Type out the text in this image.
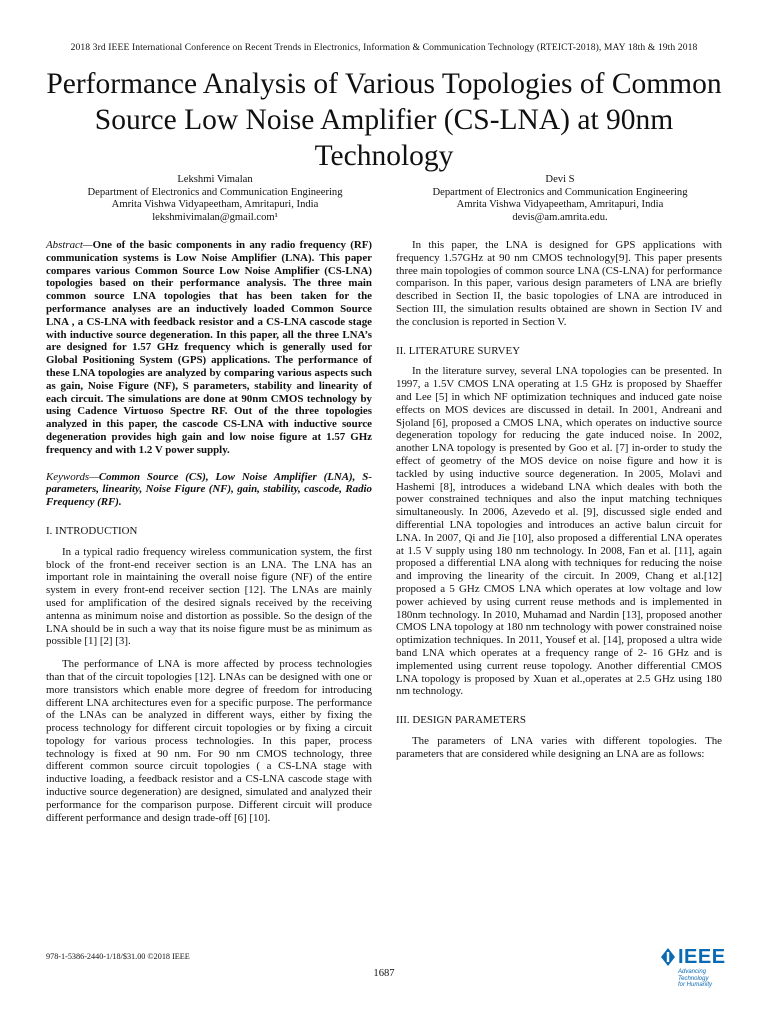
2018 3rd IEEE International Conference on Recent Trends in Electronics, Information & Communication Technology (RTEICT-2018), MAY 18th & 19th 2018
Performance Analysis of Various Topologies of Common Source Low Noise Amplifier (CS-LNA) at 90nm Technology
Lekshmi Vimalan
Department of Electronics and Communication Engineering
Amrita Vishwa Vidyapeetham, Amritapuri, India
lekshmivimalan@gmail.com¹
Devi S
Department of Electronics and Communication Engineering
Amrita Vishwa Vidyapeetham, Amritapuri, India
devis@am.amrita.edu.

Abstract—One of the basic components in any radio frequency (RF) communication systems is Low Noise Amplifier (LNA). This paper compares various Common Source Low Noise Amplifier (CS-LNA) topologies based on their performance analysis. The three main common source LNA topologies that has been taken for the performance analyses are an inductively loaded Common Source LNA , a CS-LNA with feedback resistor and a CS-LNA cascode stage with inductive source degeneration. In this paper, all the three LNA’s are designed for 1.57 GHz frequency which is generally used for Global Positioning System (GPS) applications. The performance of these LNA topologies are analyzed by comparing various aspects such as gain, Noise Figure (NF), S parameters, stability and linearity of each circuit. The simulations are done at 90nm CMOS technology by using Cadence Virtuoso Spectre RF. Out of the three topologies analyzed in this paper, the cascode CS-LNA with inductive source degeneration provides high gain and low noise figure at 1.57 GHz frequency and with 1.2 V power supply.

Keywords—Common Source (CS), Low Noise Amplifier (LNA), S- parameters, linearity, Noise Figure (NF), gain, stability, cascode, Radio Frequency (RF).

I. INTRODUCTION

In a typical radio frequency wireless communication system, the first block of the front-end receiver section is an LNA. The LNA has an important role in maintaining the overall noise figure (NF) of the entire system in every front-end receiver section [12]. The LNAs are mainly used for amplification of the desired signals received by the receiving antenna as minimum noise and distortion as possible. So the design of the LNA should be in such a way that its noise figure must be as minimum as possible [1] [2] [3].

The performance of LNA is more affected by process technologies than that of the circuit topologies [12]. LNAs can be designed with one or more transistors which enable more degree of freedom for introducing different LNA architectures even for a specific purpose. The performance of the LNAs can be analyzed in different ways, either by fixing the process technology for different circuit topologies or by fixing a circuit topology for various process technologies. In this paper, process technology is fixed at 90 nm. For 90 nm CMOS technology, three different common source circuit topologies ( a CS-LNA stage with inductive loading, a feedback resistor and a CS-LNA cascode stage with inductive source degeneration) are designed, simulated and analyzed their performance for the comparison purpose. Different circuit will produce different performance and design trade-off [6] [10].

In this paper, the LNA is designed for GPS applications with frequency 1.57GHz at 90 nm CMOS technology[9]. This paper presents three main topologies of common source LNA (CS-LNA) for performance comparison. In this paper, various design parameters of LNA are briefly described in Section II, the basic topologies of LNA are introduced in Section III, the simulation results obtained are shown in Section IV and the conclusion is reported in Section V.

II. LITERATURE SURVEY

In the literature survey, several LNA topologies can be presented. In 1997, a 1.5V CMOS LNA operating at 1.5 GHz is proposed by Shaeffer and Lee [5] in which NF optimization techniques and induced gate noise effects on MOS devices are discussed in detail. In 2001, Andreani and Sjoland [6], proposed a CMOS LNA, which operates on inductive source degeneration topology for reducing the gate induced noise. In 2002, another LNA topology is presented by Goo et al. [7] in-order to study the effect of geometry of the MOS device on noise figure and how it is tackled by using inductive source degeneration. In 2005, Molavi and Hashemi [8], introduces a wideband LNA which deales with both the power constrained techniques and also the input matching techniques simultaneously. In 2006, Azevedo et al. [9], discussed sigle ended and differential LNA topologies and introduces an active balun circuit for LNA. In 2007, Qi and Jie [10], also proposed a differential LNA operates at 1.5 V supply using 180 nm technology. In 2008, Fan et al. [11], again proposed a differential LNA along with techniques for reducing the noise and improving the linearity of the circuit. In 2009, Chang et al.[12] proposed a 5 GHz CMOS LNA which operates at low voltage and low power achieved by using current reuse methods and is implemented in 180nm technology. In 2010, Muhamad and Nardin [13], proposed another CMOS LNA topology at 180 nm technology with power constrained noise optimization techniques. In 2011, Yousef et al. [14], proposed a ultra wide band LNA which operates at a frequency range of 2- 16 GHz and is implemented using current reuse topology. Another differential CMOS LNA topology is proposed by Xuan et al.,operates at 2.5 GHz using 180 nm technology.

III. DESIGN PARAMETERS

The parameters of LNA varies with different topologies. The parameters that are considered while designing an LNA are as follows:

978-1-5386-2440-1/18/$31.00 ©2018 IEEE
1687
IEEE
Advancing Technology
for Humanity
